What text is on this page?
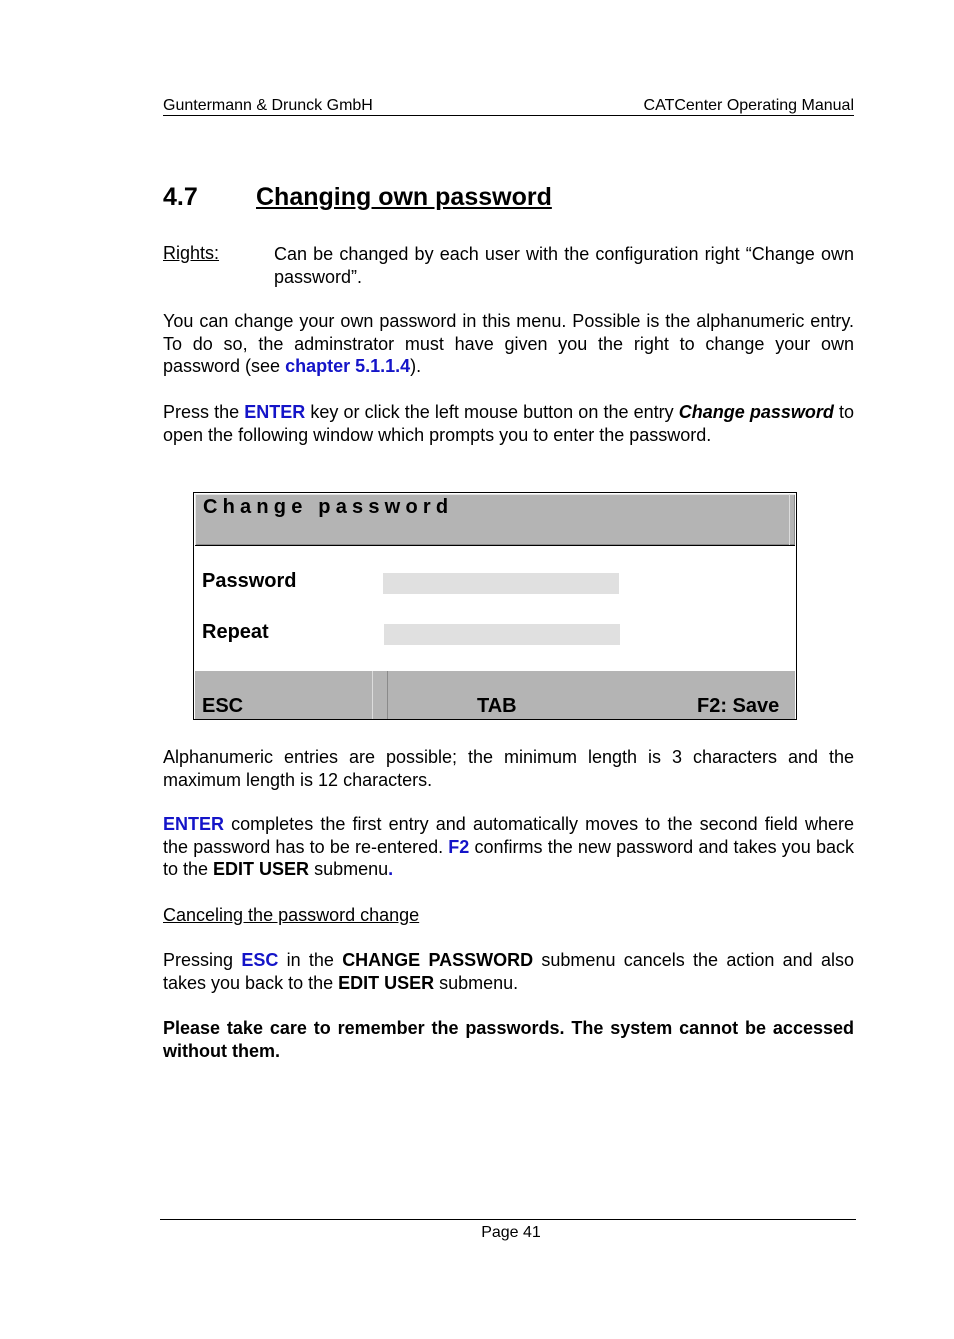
Guntermann & Drunck GmbH	CATCenter Operating Manual
4.7 Changing own password
Rights:	Can be changed by each user with the configuration right “Change own password”.
You can change your own password in this menu. Possible is the alphanumeric entry. To do so, the adminstrator must have given you the right to change your own password (see chapter 5.1.1.4).
Press the ENTER key or click the left mouse button on the entry Change password to open the following window which prompts you to enter the password.
Change password
Password
Repeat
ESC	TAB	F2: Save
Alphanumeric entries are possible; the minimum length is 3 characters and the maximum length is 12 characters.
ENTER completes the first entry and automatically moves to the second field where the password has to be re-entered. F2 confirms the new password and takes you back to the EDIT USER submenu.
Canceling the password change
Pressing ESC in the CHANGE PASSWORD submenu cancels the action and also takes you back to the EDIT USER submenu.
Please take care to remember the passwords. The system cannot be accessed without them.
Page 41
